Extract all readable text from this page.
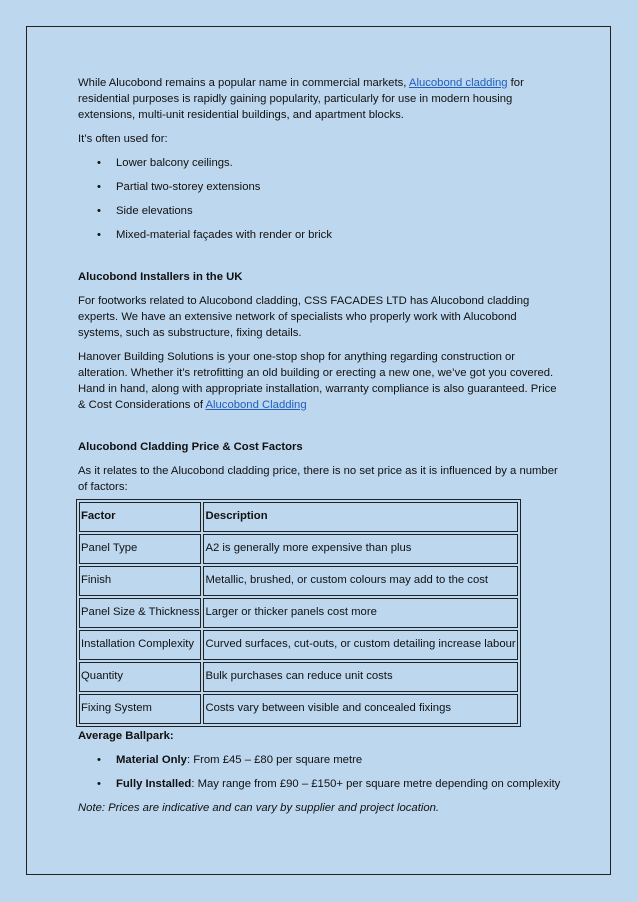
While Alucobond remains a popular name in commercial markets, Alucobond cladding for residential purposes is rapidly gaining popularity, particularly for use in modern housing extensions, multi-unit residential buildings, and apartment blocks.

It’s often used for:

• Lower balcony ceilings.
• Partial two-storey extensions
• Side elevations
• Mixed-material façades with render or brick
Alucobond Installers in the UK

For footworks related to Alucobond cladding, CSS FACADES LTD has Alucobond cladding experts. We have an extensive network of specialists who properly work with Alucobond systems, such as substructure, fixing details.

Hanover Building Solutions is your one-stop shop for anything regarding construction or alteration. Whether it’s retrofitting an old building or erecting a new one, we’ve got you covered. Hand in hand, along with appropriate installation, warranty compliance is also guaranteed. Price & Cost Considerations of Alucobond Cladding

Alucobond Cladding Price & Cost Factors

As it relates to the Alucobond cladding price, there is no set price as it is influenced by a number of factors:

Factor	Description
Panel Type	A2 is generally more expensive than plus
Finish	Metallic, brushed, or custom colours may add to the cost
Panel Size & Thickness	Larger or thicker panels cost more
Installation Complexity	Curved surfaces, cut-outs, or custom detailing increase labour
Quantity	Bulk purchases can reduce unit costs
Fixing System	Costs vary between visible and concealed fixings
Average Ballpark:
• Material Only: From £45 – £80 per square metre
• Fully Installed: May range from £90 – £150+ per square metre depending on complexity

Note: Prices are indicative and can vary by supplier and project location.
